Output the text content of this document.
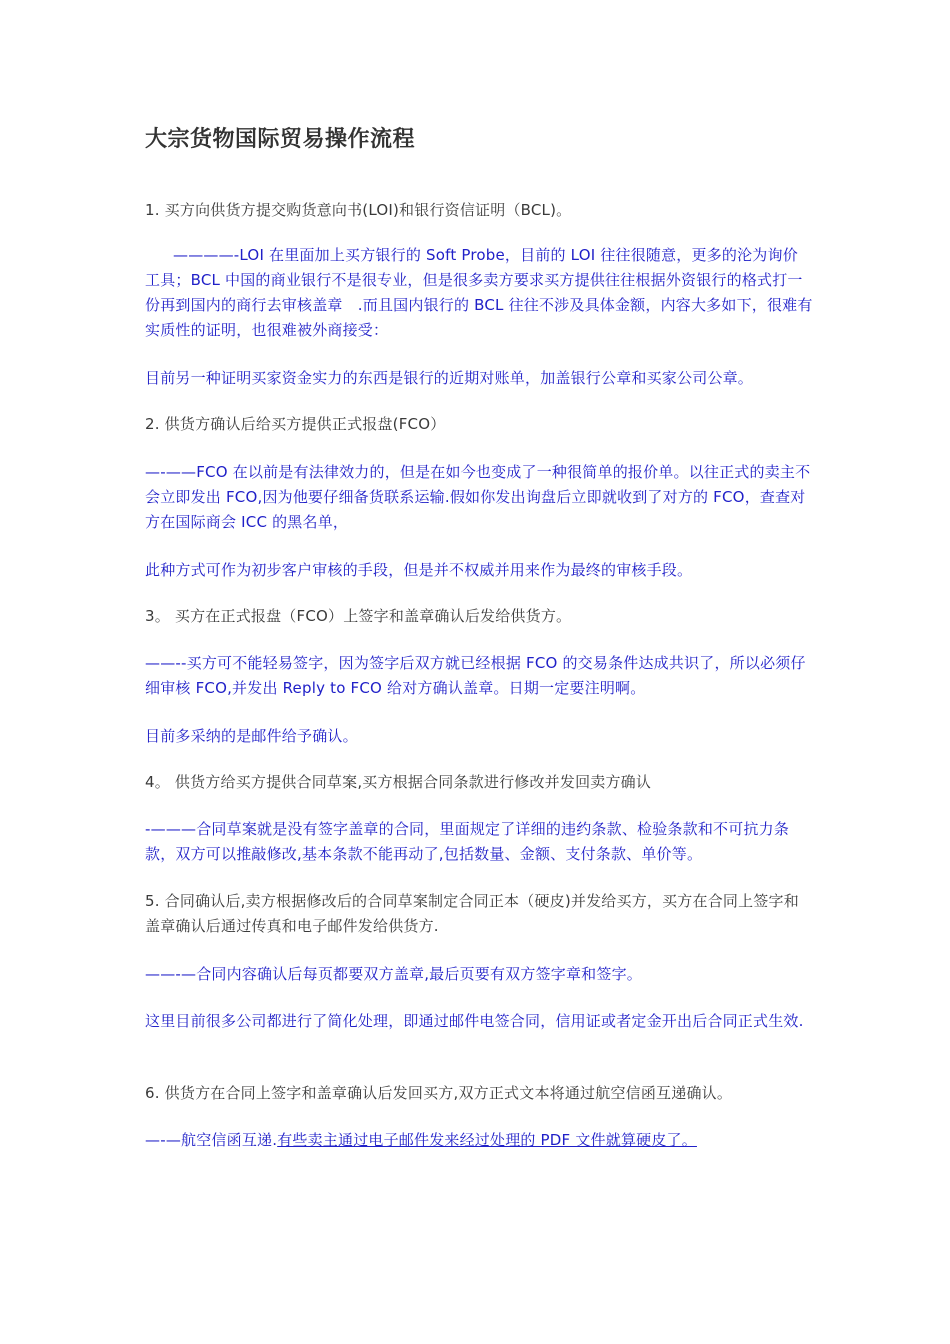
大宗货物国际贸易操作流程

1. 买方向供货方提交购货意向书(LOI)和银行资信证明（BCL)。

————-LOI 在里面加上买方银行的 Soft Probe，目前的 LOI 往往很随意，更多的沦为询价工具；BCL 中国的商业银行不是很专业，但是很多卖方要求买方提供往往根据外资银行的格式打一份再到国内的商行去审核盖章　.而且国内银行的 BCL 往往不涉及具体金额，内容大多如下，很难有实质性的证明，也很难被外商接受：

目前另一种证明买家资金实力的东西是银行的近期对账单，加盖银行公章和买家公司公章。

2. 供货方确认后给买方提供正式报盘(FCO）

—-——FCO 在以前是有法律效力的，但是在如今也变成了一种很简单的报价单。以往正式的卖主不会立即发出 FCO,因为他要仔细备货联系运输.假如你发出询盘后立即就收到了对方的 FCO，查查对方在国际商会 ICC 的黑名单，

此种方式可作为初步客户审核的手段，但是并不权威并用来作为最终的审核手段。

3。 买方在正式报盘（FCO）上签字和盖章确认后发给供货方。

——--买方可不能轻易签字，因为签字后双方就已经根据 FCO 的交易条件达成共识了，所以必须仔细审核 FCO,并发出 Reply to FCO 给对方确认盖章。日期一定要注明啊。

目前多采纳的是邮件给予确认。

4。 供货方给买方提供合同草案,买方根据合同条款进行修改并发回卖方确认

-———合同草案就是没有签字盖章的合同，里面规定了详细的违约条款、检验条款和不可抗力条款，双方可以推敲修改,基本条款不能再动了,包括数量、金额、支付条款、单价等。

5. 合同确认后,卖方根据修改后的合同草案制定合同正本（硬皮)并发给买方，买方在合同上签字和盖章确认后通过传真和电子邮件发给供货方.

——-—合同内容确认后每页都要双方盖章,最后页要有双方签字章和签字。

这里目前很多公司都进行了简化处理，即通过邮件电签合同，信用证或者定金开出后合同正式生效.

6. 供货方在合同上签字和盖章确认后发回买方,双方正式文本将通过航空信函互递确认。

—-—航空信函互递.有些卖主通过电子邮件发来经过处理的 PDF 文件就算硬皮了。
